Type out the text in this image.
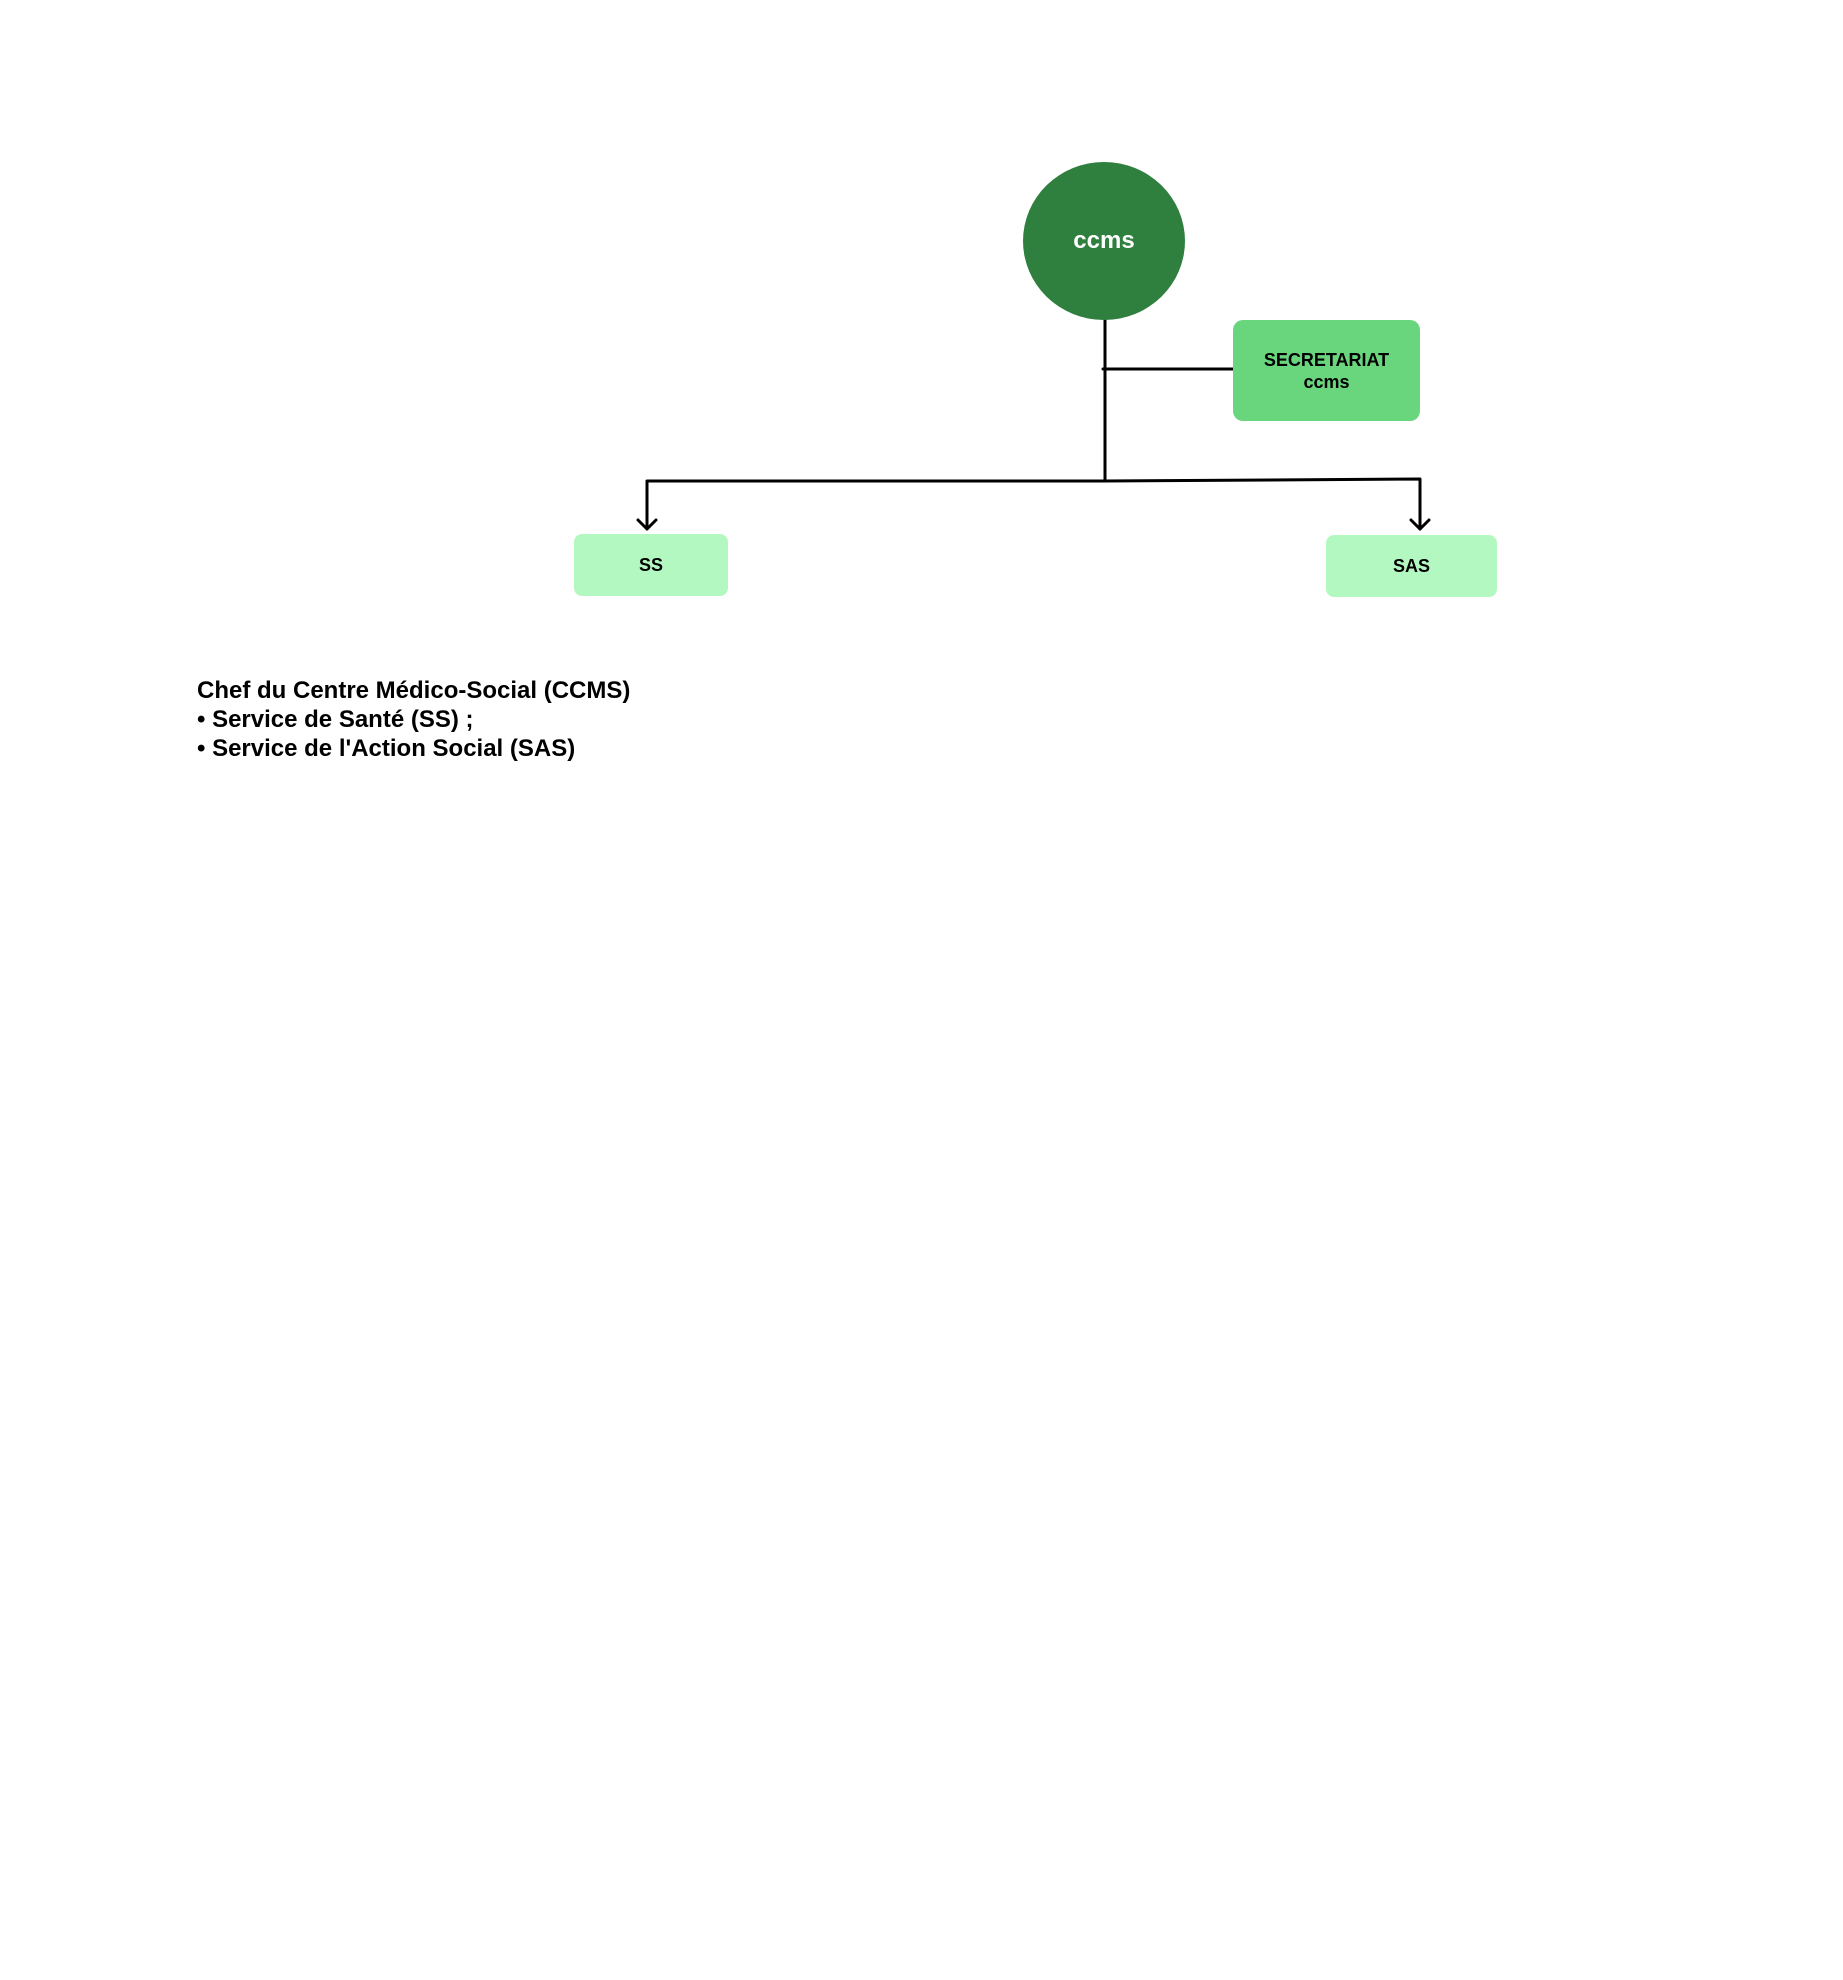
ccms
SECRETARIAT
ccms
SS	SAS
Chef du Centre Médico-Social (CCMS)
• Service de Santé (SS) ;
• Service de l'Action Social (SAS)
